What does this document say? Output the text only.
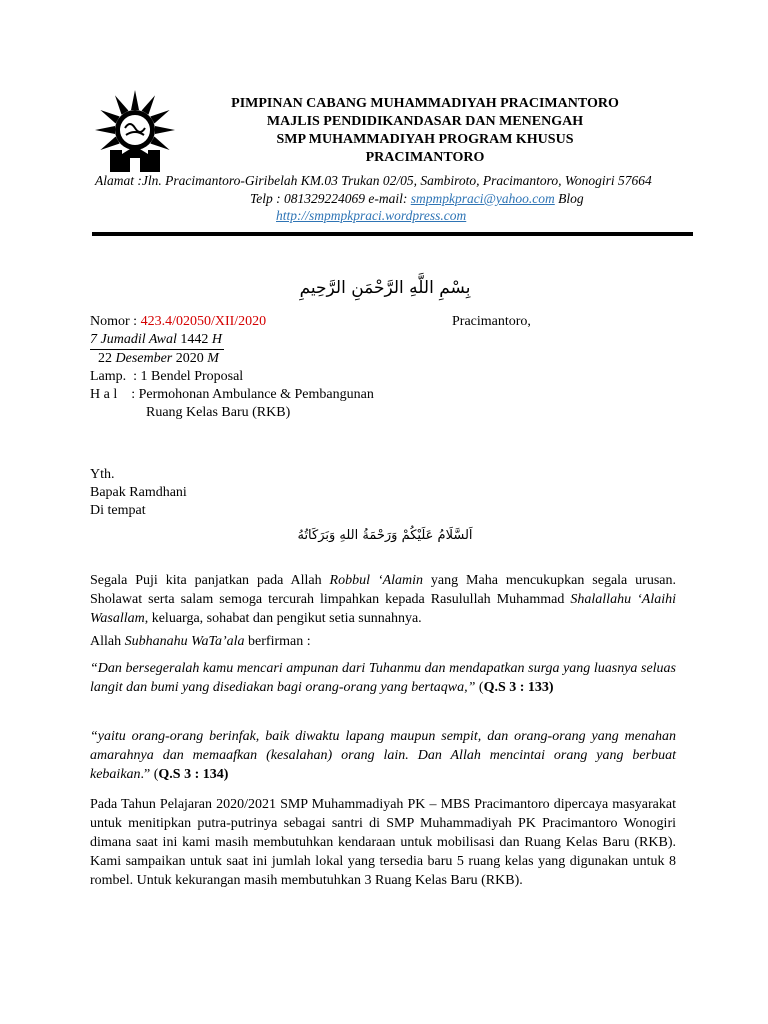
PIMPINAN CABANG MUHAMMADIYAH PRACIMANTORO
MAJLIS PENDIDIKANDASAR DAN MENENGAH
SMP MUHAMMADIYAH PROGRAM KHUSUS
PRACIMANTORO
Alamat :Jln. Pracimantoro-Giribelah KM.03 Trukan 02/05, Sambiroto, Pracimantoro, Wonogiri 57664
Telp : 081329224069 e-mail: smpmpkpraci@yahoo.com Blog
http://smpmpkpraci.wordpress.com
بِسْمِ اللَّهِ الرَّحْمَنِ الرَّحِيمِ
Nomor : 423.4/02050/XII/2020	Pracimantoro,
7 Jumadil Awal 1442 H
22 Desember 2020 M
Lamp.  : 1 Bendel Proposal
H a l    : Permohonan Ambulance & Pembangunan
Ruang Kelas Baru (RKB)
Yth.
Bapak Ramdhani
Di tempat
اَلسَّلَامُ عَلَيْكُمْ وَرَحْمَةُ اللهِ وَبَرَكَاتُهُ
Segala Puji kita panjatkan pada Allah Robbul ‘Alamin yang Maha mencukupkan segala urusan. Sholawat serta salam semoga tercurah limpahkan kepada Rasulullah Muhammad Shalallahu ‘Alaihi Wasallam, keluarga, sohabat dan pengikut setia sunnahnya.
Allah Subhanahu WaTa’ala berfirman :
“Dan bersegeralah kamu mencari ampunan dari Tuhanmu dan mendapatkan surga yang luasnya seluas langit dan bumi yang disediakan bagi orang-orang yang bertaqwa,” (Q.S 3 : 133)
“yaitu orang-orang berinfak, baik diwaktu lapang maupun sempit, dan orang-orang yang menahan amarahnya dan memaafkan (kesalahan) orang lain. Dan Allah mencintai orang yang berbuat kebaikan.” (Q.S 3 : 134)
Pada Tahun Pelajaran 2020/2021 SMP Muhammadiyah PK – MBS Pracimantoro dipercaya masyarakat untuk menitipkan putra-putrinya sebagai santri di SMP Muhammadiyah PK Pracimantoro Wonogiri dimana saat ini kami masih membutuhkan kendaraan untuk mobilisasi dan Ruang Kelas Baru (RKB). Kami sampaikan untuk saat ini jumlah lokal yang tersedia baru 5 ruang kelas yang digunakan untuk 8 rombel. Untuk kekurangan masih membutuhkan 3 Ruang Kelas Baru (RKB).
